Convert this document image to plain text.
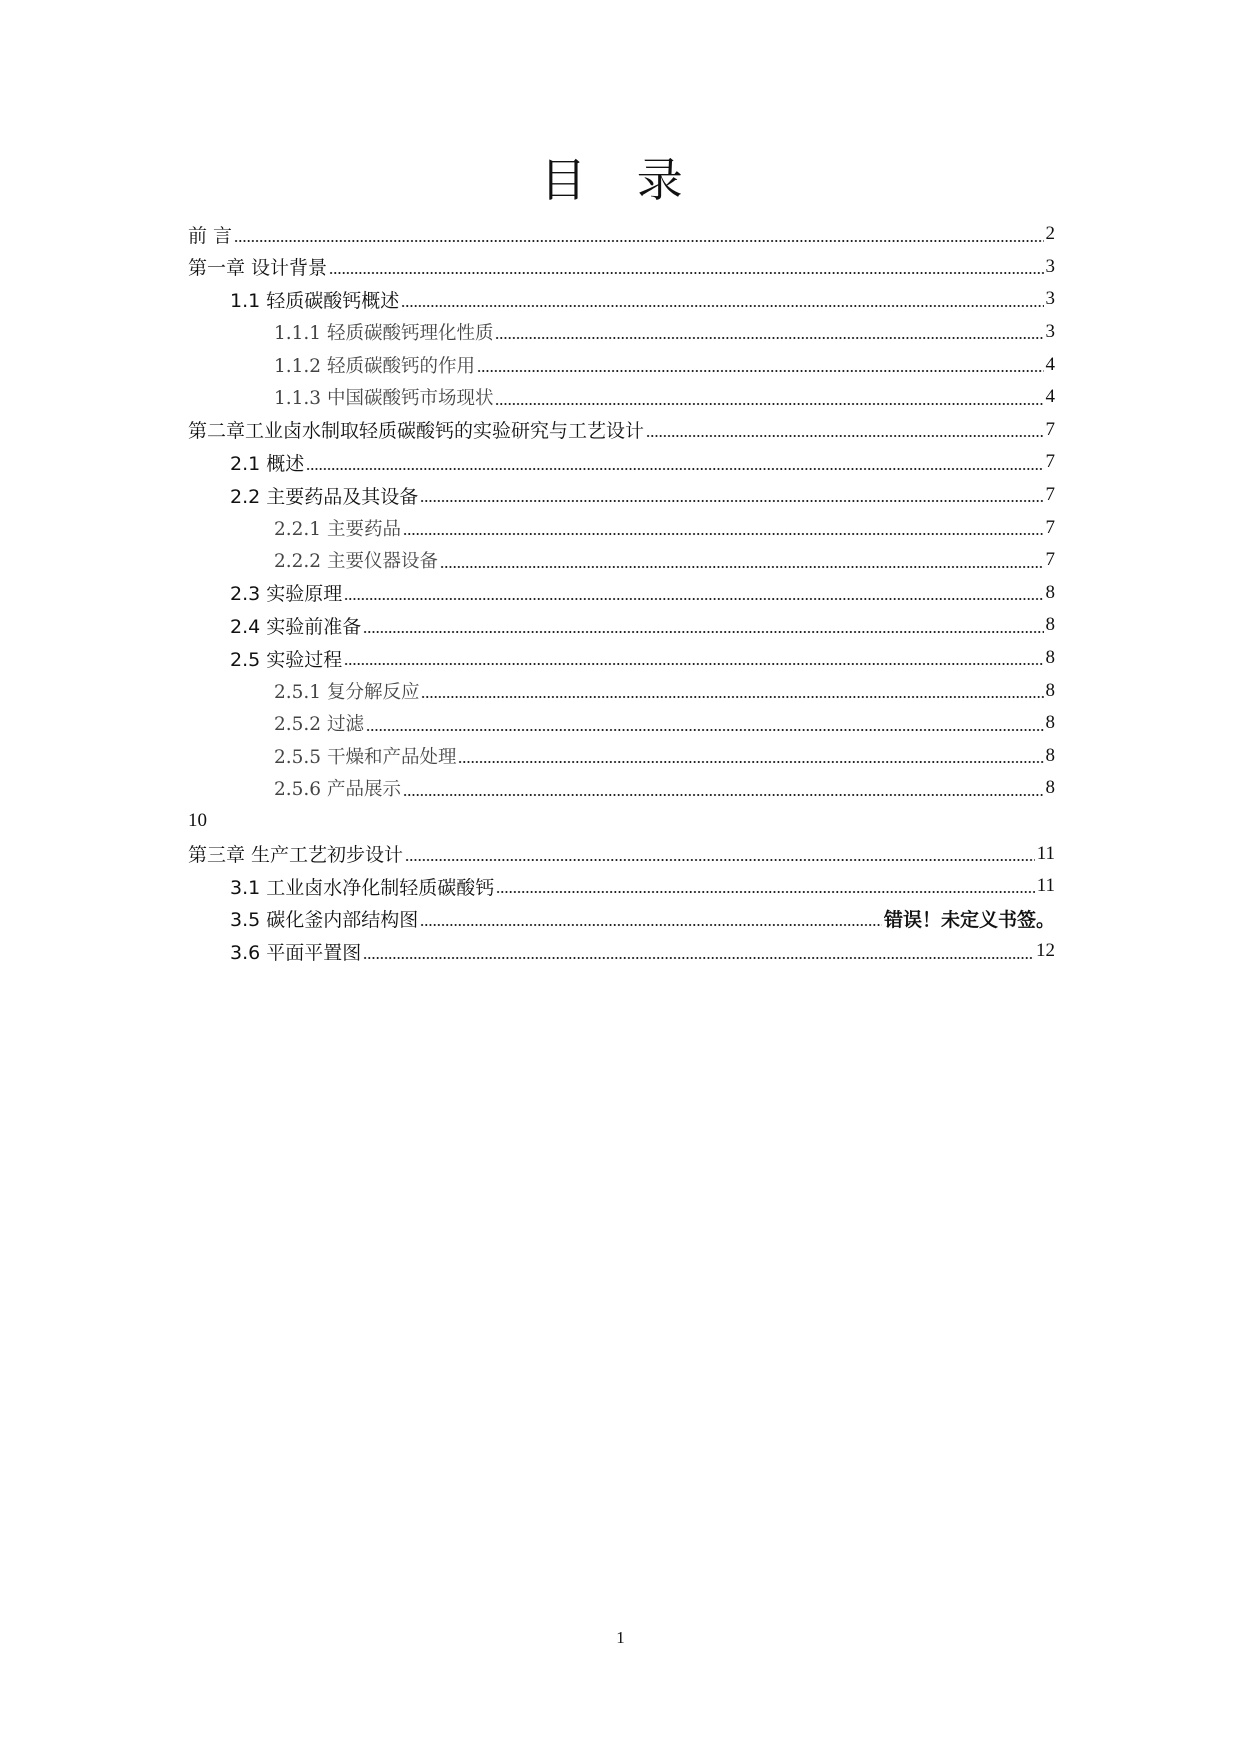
目 录
前 言	2
第一章 设计背景	3
1.1 轻质碳酸钙概述	3
1.1.1 轻质碳酸钙理化性质	3
1.1.2 轻质碳酸钙的作用	4
1.1.3 中国碳酸钙市场现状	4
第二章工业卤水制取轻质碳酸钙的实验研究与工艺设计	7
2.1 概述	7
2.2 主要药品及其设备	7
2.2.1 主要药品	7
2.2.2 主要仪器设备	7
2.3 实验原理	8
2.4 实验前准备	8
2.5 实验过程	8
2.5.1 复分解反应	8
2.5.2 过滤	8
2.5.5 干燥和产品处理	8
2.5.6 产品展示	8
10
第三章 生产工艺初步设计	11
3.1 工业卤水净化制轻质碳酸钙	11
3.5 碳化釜内部结构图	错误！未定义书签。
3.6 平面平置图	12
1
